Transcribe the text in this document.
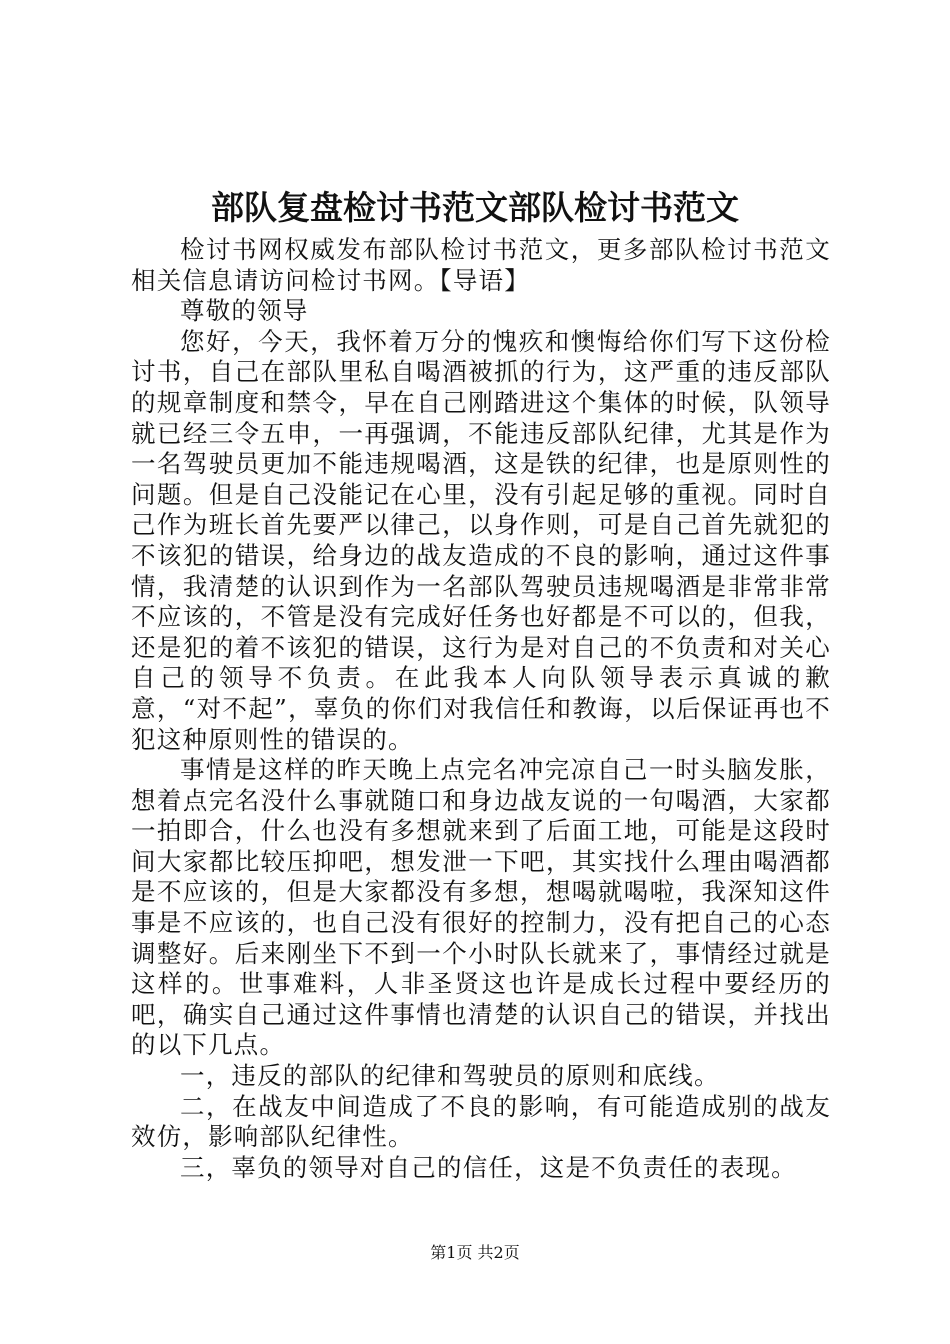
部队复盘检讨书范文部队检讨书范文

检讨书网权威发布部队检讨书范文，更多部队检讨书范文相关信息请访问检讨书网。【导语】

尊敬的领导

您好，今天，我怀着万分的愧疚和懊悔给你们写下这份检讨书，自己在部队里私自喝酒被抓的行为，这严重的违反部队的规章制度和禁令，早在自己刚踏进这个集体的时候，队领导就已经三令五申，一再强调，不能违反部队纪律，尤其是作为一名驾驶员更加不能违规喝酒，这是铁的纪律，也是原则性的问题。但是自己没能记在心里，没有引起足够的重视。同时自己作为班长首先要严以律己，以身作则，可是自己首先就犯的不该犯的错误，给身边的战友造成的不良的影响，通过这件事情，我清楚的认识到作为一名部队驾驶员违规喝酒是非常非常不应该的，不管是没有完成好任务也好都是不可以的，但我，还是犯的着不该犯的错误，这行为是对自己的不负责和对关心自己的领导不负责。在此我本人向队领导表示真诚的歉意，“对不起”，辜负的你们对我信任和教诲，以后保证再也不犯这种原则性的错误的。

事情是这样的昨天晚上点完名冲完凉自己一时头脑发胀，想着点完名没什么事就随口和身边战友说的一句喝酒，大家都一拍即合，什么也没有多想就来到了后面工地，可能是这段时间大家都比较压抑吧，想发泄一下吧，其实找什么理由喝酒都是不应该的，但是大家都没有多想，想喝就喝啦，我深知这件事是不应该的，也自己没有很好的控制力，没有把自己的心态调整好。后来刚坐下不到一个小时队长就来了，事情经过就是这样的。世事难料，人非圣贤这也许是成长过程中要经历的吧，确实自己通过这件事情也清楚的认识自己的错误，并找出的以下几点。

一，违反的部队的纪律和驾驶员的原则和底线。

二，在战友中间造成了不良的影响，有可能造成别的战友效仿，影响部队纪律性。

三，辜负的领导对自己的信任，这是不负责任的表现。

第1页 共2页
